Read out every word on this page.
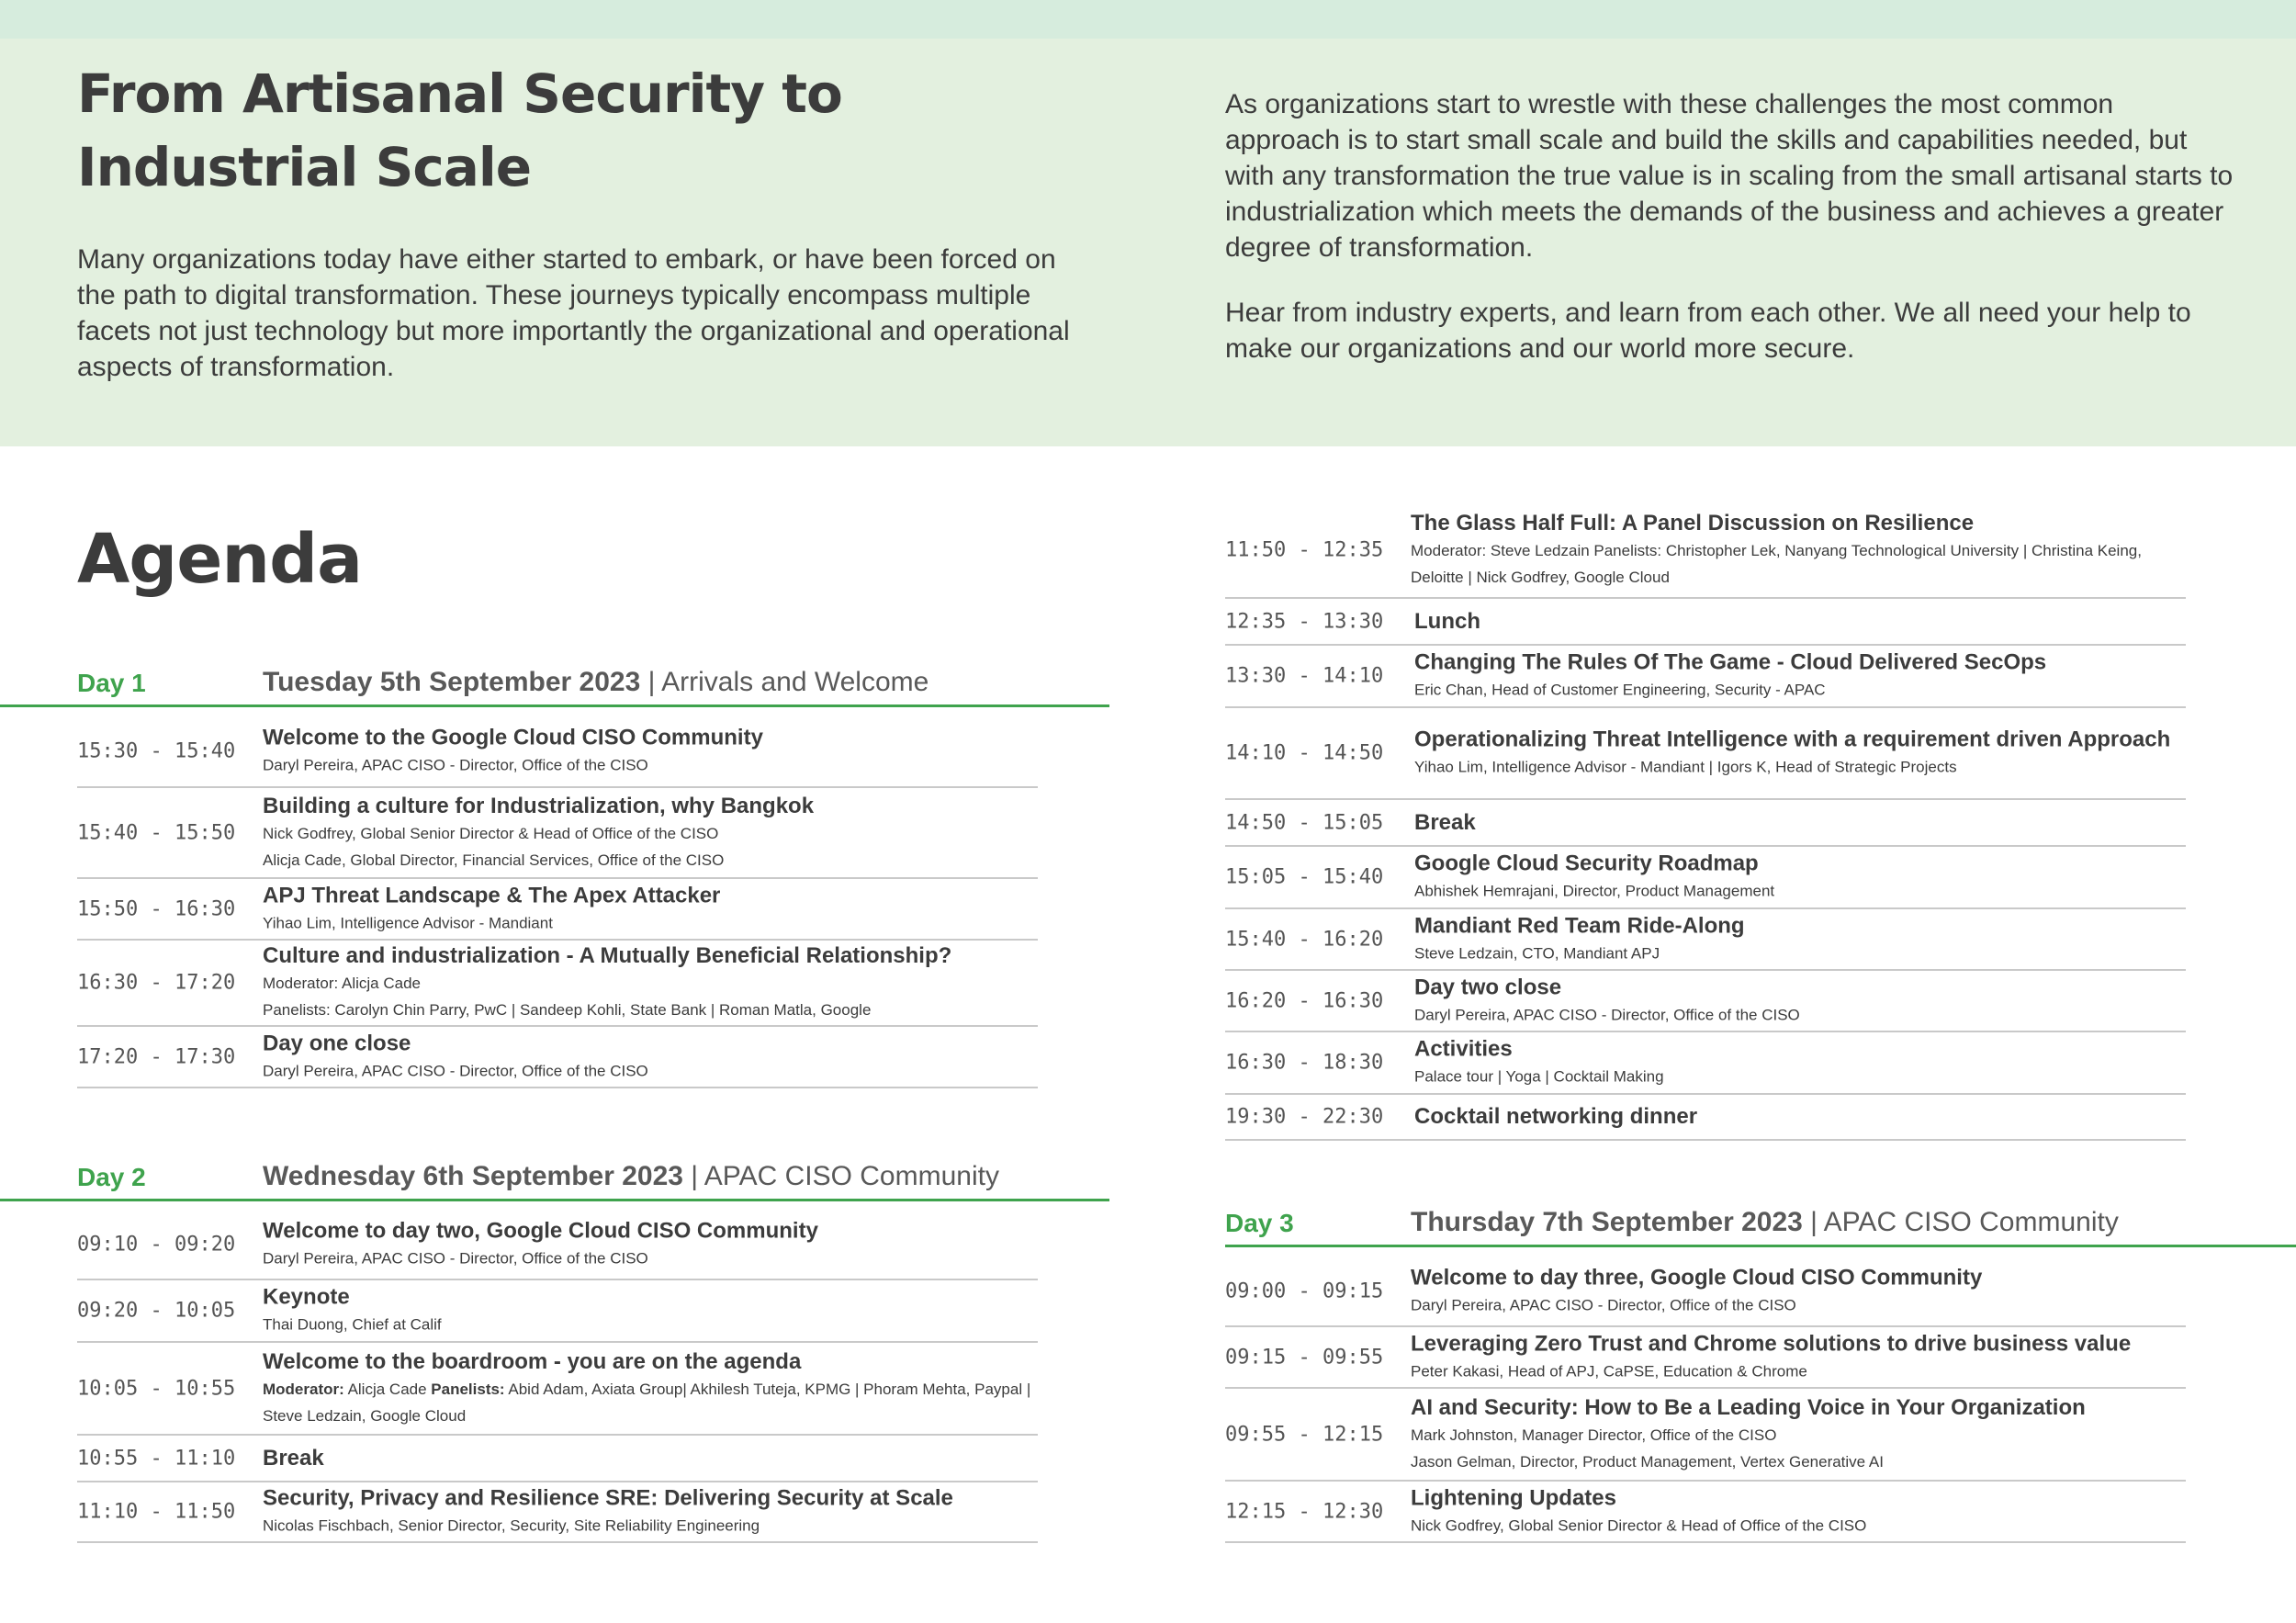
From Artisanal Security to Industrial Scale

Many organizations today have either started to embark, or have been forced on the path to digital transformation. These journeys typically encompass multiple facets not just technology but more importantly the organizational and operational aspects of transformation.

As organizations start to wrestle with these challenges the most common approach is to start small scale and build the skills and capabilities needed, but with any transformation the true value is in scaling from the small artisanal starts to industrialization which meets the demands of the business and achieves a greater degree of transformation.

Hear from industry experts, and learn from each other. We all need your help to make our organizations and our world more secure.

Agenda
Day 1	Tuesday 5th September 2023 | Arrivals and Welcome
15:30 - 15:40
Welcome to the Google Cloud CISO Community
Daryl Pereira, APAC CISO - Director, Office of the CISO
15:40 - 15:50
Building a culture for Industrialization, why Bangkok
Nick Godfrey, Global Senior Director & Head of Office of the CISO
Alicja Cade, Global Director, Financial Services, Office of the CISO
15:50 - 16:30
APJ Threat Landscape & The Apex Attacker
Yihao Lim, Intelligence Advisor - Mandiant
16:30 - 17:20
Culture and industrialization - A Mutually Beneficial Relationship?
Moderator: Alicja Cade
Panelists: Carolyn Chin Parry, PwC | Sandeep Kohli, State Bank | Roman Matla, Google
17:20 - 17:30
Day one close
Daryl Pereira, APAC CISO - Director, Office of the CISO
Day 2	Wednesday 6th September 2023 | APAC CISO Community
09:10 - 09:20
Welcome to day two, Google Cloud CISO Community
Daryl Pereira, APAC CISO - Director, Office of the CISO
09:20 - 10:05
Keynote
Thai Duong, Chief at Calif
10:05 - 10:55
Welcome to the boardroom - you are on the agenda
Moderator: Alicja Cade Panelists: Abid Adam, Axiata Group| Akhilesh Tuteja, KPMG | Phoram Mehta, Paypal | Steve Ledzain, Google Cloud
10:55 - 11:10 Break
11:10 - 11:50
Security, Privacy and Resilience SRE: Delivering Security at Scale
Nicolas Fischbach, Senior Director, Security, Site Reliability Engineering
11:50 - 12:35
The Glass Half Full: A Panel Discussion on Resilience
Moderator: Steve Ledzain Panelists: Christopher Lek, Nanyang Technological University | Christina Keing, Deloitte | Nick Godfrey, Google Cloud
12:35 - 13:30 Lunch
13:30 - 14:10
Changing The Rules Of The Game - Cloud Delivered SecOps
Eric Chan, Head of Customer Engineering, Security - APAC
14:10 - 14:50
Operationalizing Threat Intelligence with a requirement driven Approach
Yihao Lim, Intelligence Advisor - Mandiant | Igors K, Head of Strategic Projects
14:50 - 15:05 Break
15:05 - 15:40
Google Cloud Security Roadmap
Abhishek Hemrajani, Director, Product Management
15:40 - 16:20
Mandiant Red Team Ride-Along
Steve Ledzain, CTO, Mandiant APJ
16:20 - 16:30
Day two close
Daryl Pereira, APAC CISO - Director, Office of the CISO
16:30 - 18:30
Activities
Palace tour | Yoga | Cocktail Making
19:30 - 22:30 Cocktail networking dinner
Day 3	Thursday 7th September 2023 | APAC CISO Community
09:00 - 09:15
Welcome to day three, Google Cloud CISO Community
Daryl Pereira, APAC CISO - Director, Office of the CISO
09:15 - 09:55
Leveraging Zero Trust and Chrome solutions to drive business value
Peter Kakasi, Head of APJ, CaPSE, Education & Chrome
09:55 - 12:15
AI and Security: How to Be a Leading Voice in Your Organization
Mark Johnston, Manager Director, Office of the CISO
Jason Gelman, Director, Product Management, Vertex Generative AI
12:15 - 12:30
Lightening Updates
Nick Godfrey, Global Senior Director & Head of Office of the CISO
